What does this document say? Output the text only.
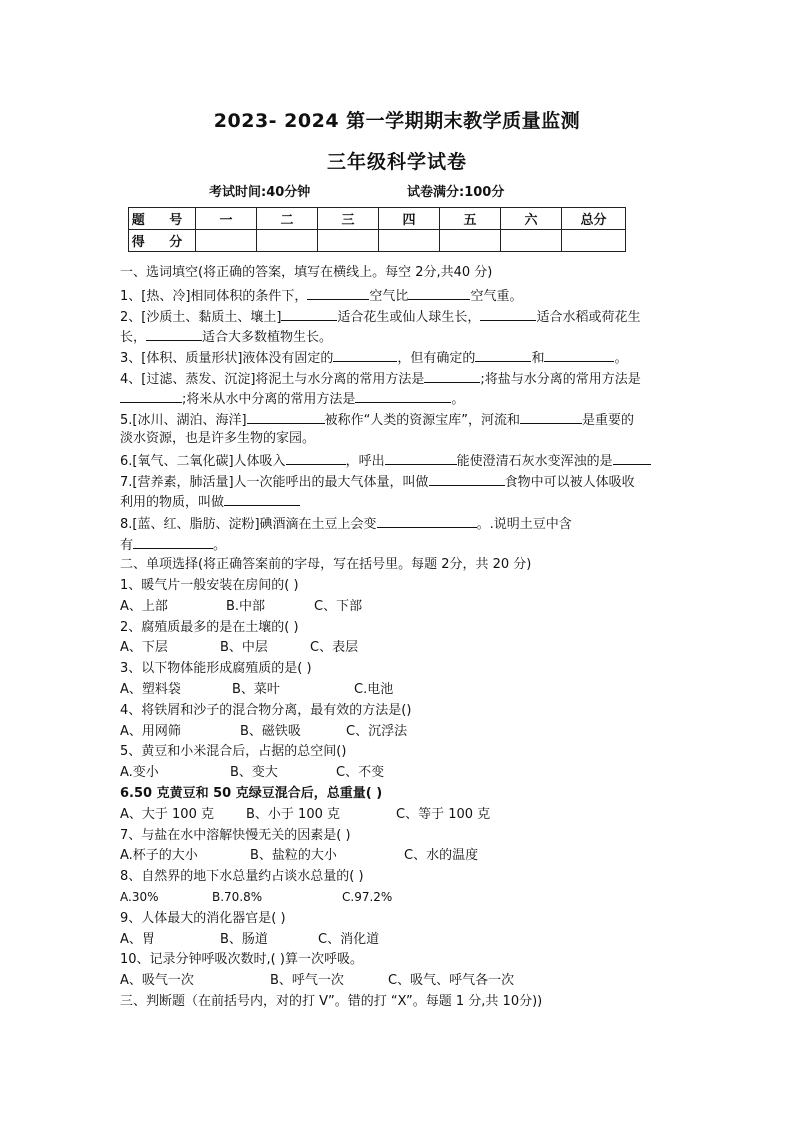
2023- 2024 第一学期期末教学质量监测
三年级科学试卷
考试时间:40分钟	试卷满分:100分
题 号	一	二	三	四	五	六	总分
得 分							
一、选词填空(将正确的答案，填写在横线上。每空 2分,共40 分)
1、[热、冷]相同体积的条件下，	空气比	空气重。
2、[沙质土、黏质土、壤土]	适合花生或仙人球生长，	适合水稻或荷花生
长，	适合大多数植物生长。
3、[体积、质量形状]液体没有固定的	，但有确定的	和	。
4、[过滤、蒸发、沉淀]将泥土与水分离的常用方法是	;将盐与水分离的常用方法是
;将米从水中分离的常用方法是	。
5.[冰川、湖泊、海洋]	被称作“人类的资源宝库”，河流和	是重要的
淡水资源，也是许多生物的家园。
6.[氧气、二氧化碳]人体吸入	，呼出	能使澄清石灰水变浑浊的是
7.[营养素，肺活量]人一次能呼出的最大气体量，叫做	食物中可以被人体吸收
利用的物质，叫做
8.[蓝、红、脂肪、淀粉]碘酒滴在土豆上会变	。.说明土豆中含
有	。
二、单项选择(将正确答案前的字母，写在括号里。每题 2分，共 20 分)
1、暖气片一般安装在房间的( )
A、上部	B.中部	C、下部
2、腐殖质最多的是在土壤的( )
A、下层	B、中层	C、表层
3、以下物体能形成腐殖质的是( )
A、塑料袋	B、菜叶	C.电池
4、将铁屑和沙子的混合物分离，最有效的方法是()
A、用网筛	B、磁铁吸	C、沉浮法
5、黄豆和小米混合后，占据的总空间()
A.变小	B、变大	C、不变
6.50 克黄豆和 50 克绿豆混合后，总重量( )
A、大于 100 克 B、小于 100 克	C、等于 100 克
7、与盐在水中溶解快慢无关的因素是( )
A.杯子的大小	B、盐粒的大小	C、水的温度
8、自然界的地下水总量约占谈水总量的( )
A.30%	B.70.8%	C.97.2%
9、人体最大的消化器官是( )
A、胃	B、肠道	C、消化道
10、记录分钟呼吸次数时,( )算一次呼吸。
A、吸气一次	B、呼气一次	C、吸气、呼气各一次
三、判断题（在前括号内，对的打 V”。错的打 “X”。每题 1 分,共 10分))
